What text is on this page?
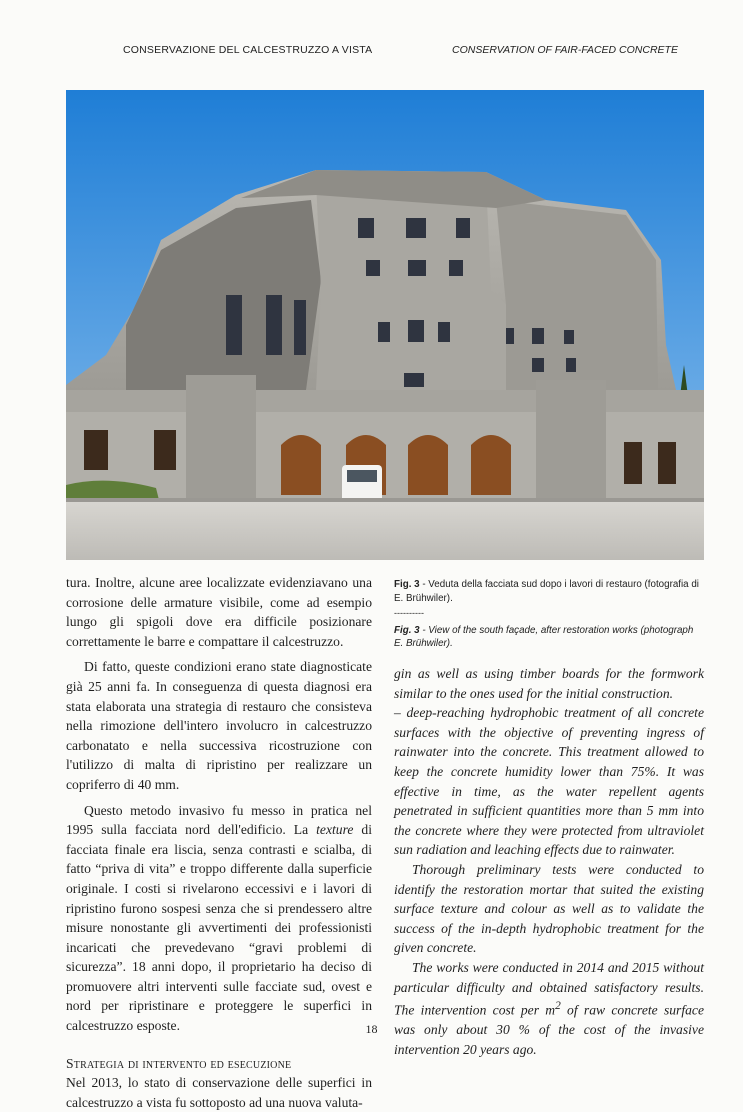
CONSERVAZIONE DEL CALCESTRUZZO A VISTA	CONSERVATION OF FAIR-FACED CONCRETE

tura. Inoltre, alcune aree localizzate evidenziavano una corrosione delle armature visibile, come ad esempio lungo gli spigoli dove era difficile posizionare correttamente le barre e compattare il calcestruzzo.

Di fatto, queste condizioni erano state diagnosticate già 25 anni fa. In conseguenza di questa diagnosi era stata elaborata una strategia di restauro che consisteva nella rimozione dell'intero involucro in calcestruzzo carbonatato e nella successiva ricostruzione con l'utilizzo di malta di ripristino per realizzare un copriferro di 40 mm.

Questo metodo invasivo fu messo in pratica nel 1995 sulla facciata nord dell'edificio. La texture di facciata finale era liscia, senza contrasti e scialba, di fatto “priva di vita” e troppo differente dalla superficie originale. I costi si rivelarono eccessivi e i lavori di ripristino furono sospesi senza che si prendessero altre misure nonostante gli avvertimenti dei professionisti incaricati che prevedevano “gravi problemi di sicurezza”. 18 anni dopo, il proprietario ha deciso di promuovere altri interventi sulle facciate sud, ovest e nord per ripristinare e proteggere le superfici in calcestruzzo esposte.

Strategia di intervento ed esecuzione

Nel 2013, lo stato di conservazione delle superfici in calcestruzzo a vista fu sottoposto ad una nuova valuta-

Fig. 3 - Veduta della facciata sud dopo i lavori di restauro (fotografia di E. Brühwiler).
----------
Fig. 3 - View of the south façade, after restoration works (photograph E. Brühwiler).

gin as well as using timber boards for the formwork similar to the ones used for the initial construction.

– deep-reaching hydrophobic treatment of all concrete surfaces with the objective of preventing ingress of rainwater into the concrete. This treatment allowed to keep the concrete humidity lower than 75%. It was effective in time, as the water repellent agents penetrated in sufficient quantities more than 5 mm into the concrete where they were protected from ultraviolet sun radiation and leaching effects due to rainwater.

Thorough preliminary tests were conducted to identify the restoration mortar that suited the existing surface texture and colour as well as to validate the success of the in-depth hydrophobic treatment for the given concrete.

The works were conducted in 2014 and 2015 without particular difficulty and obtained satisfactory results. The intervention cost per $m^2$ of raw concrete surface was only about 30 % of the cost of the invasive intervention 20 years ago.

18
